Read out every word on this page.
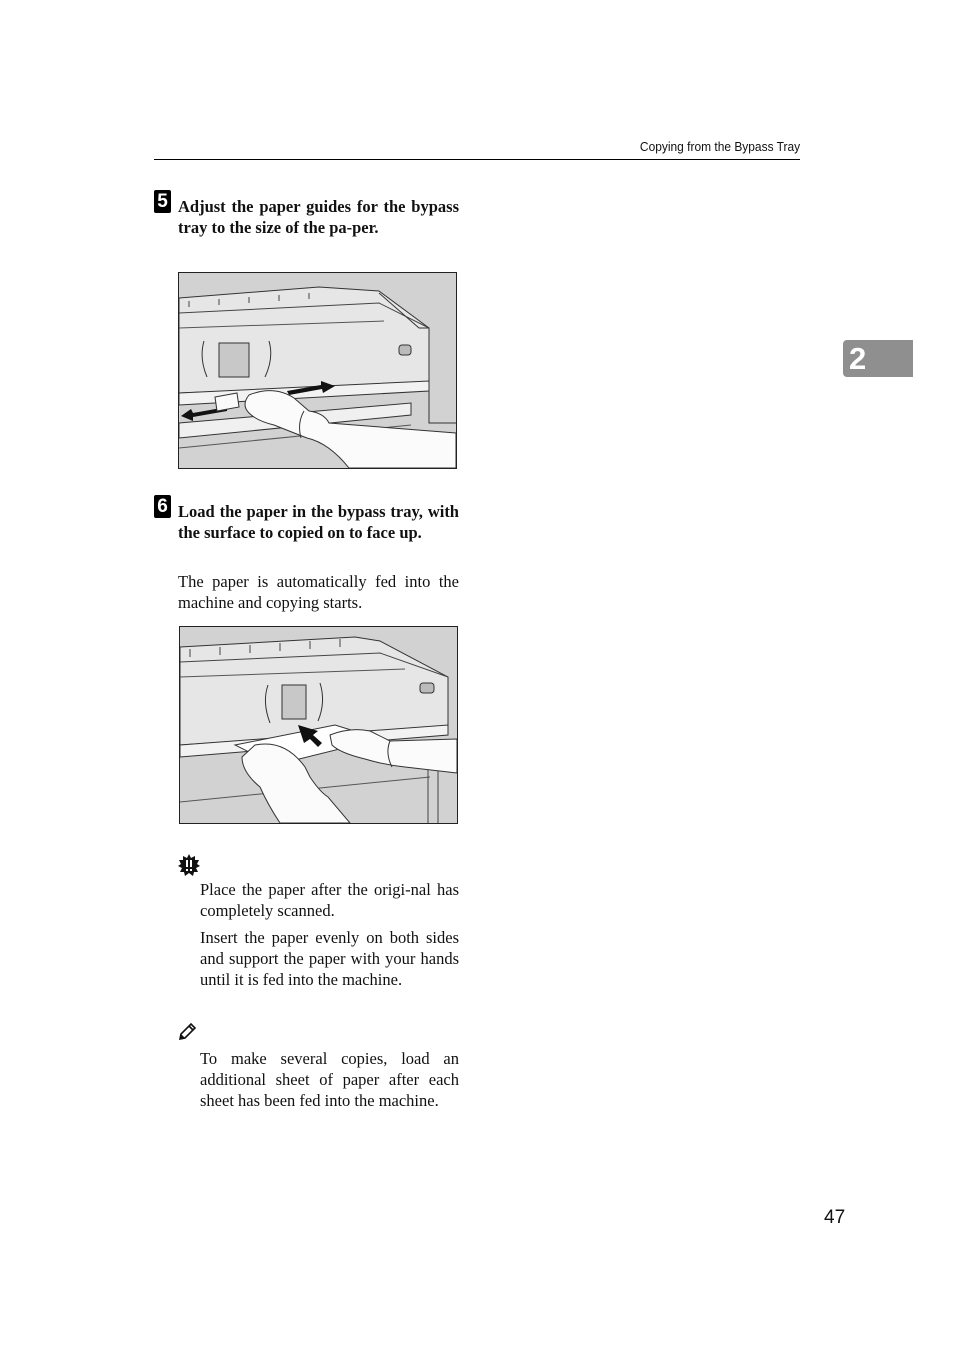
Copying from the Bypass Tray
2
5 Adjust the paper guides for the bypass tray to the size of the pa-per.

6 Load the paper in the bypass tray, with the surface to copied on to face up.

The paper is automatically fed into the machine and copying starts.

Place the paper after the origi-nal has completely scanned.

Insert the paper evenly on both sides and support the paper with your hands until it is fed into the machine.

To make several copies, load an additional sheet of paper after each sheet has been fed into the machine.

47
